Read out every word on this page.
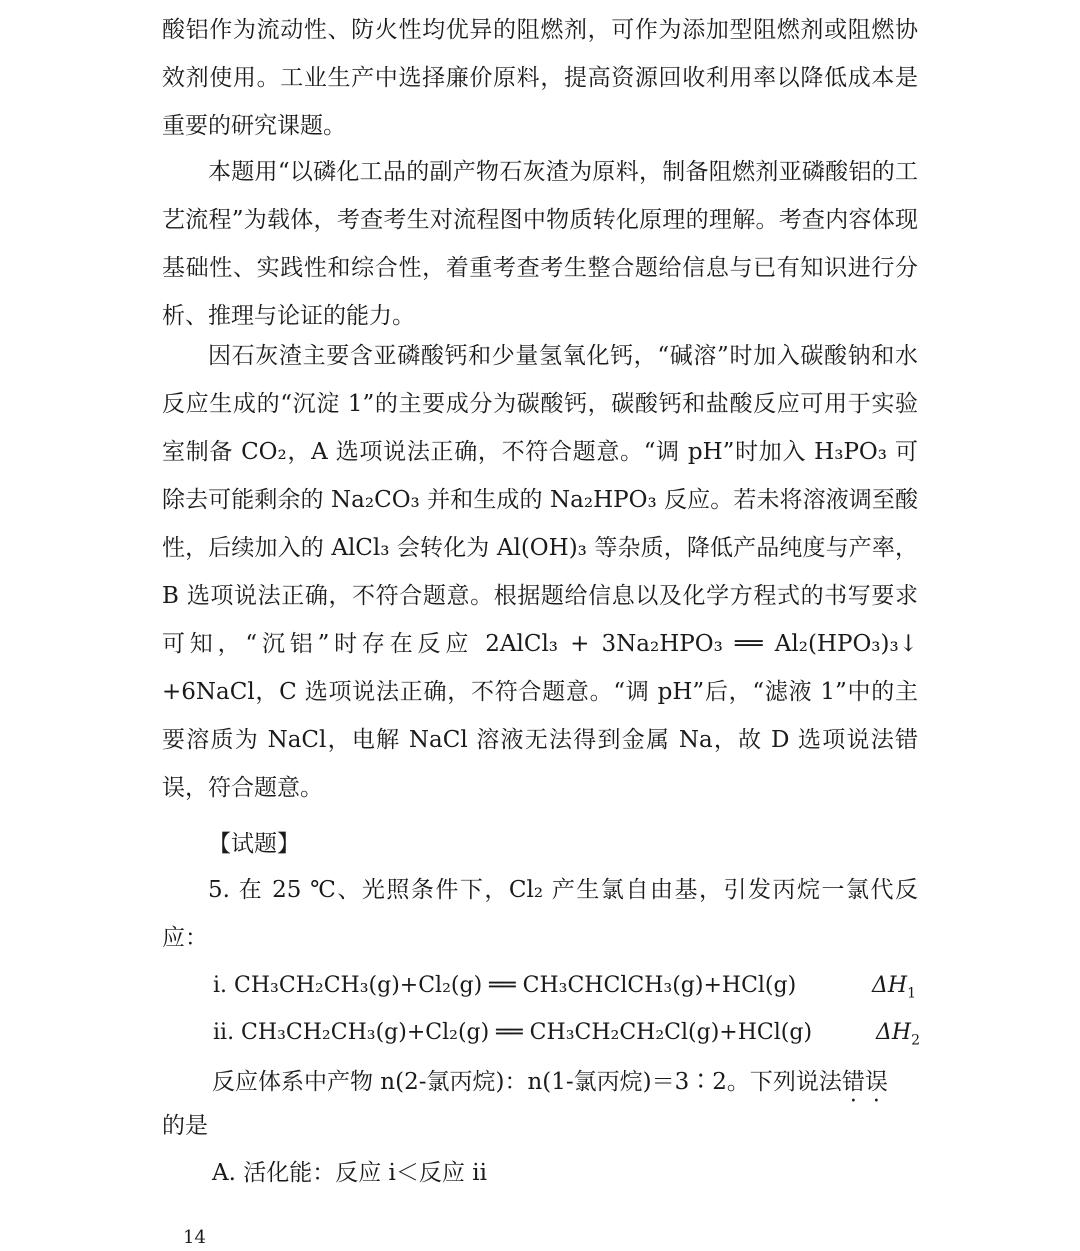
酸铝作为流动性、防火性均优异的阻燃剂，可作为添加型阻燃剂或阻燃协效剂使用。工业生产中选择廉价原料，提高资源回收利用率以降低成本是重要的研究课题。

本题用“以磷化工品的副产物石灰渣为原料，制备阻燃剂亚磷酸铝的工艺流程”为载体，考查考生对流程图中物质转化原理的理解。考查内容体现基础性、实践性和综合性，着重考查考生整合题给信息与已有知识进行分析、推理与论证的能力。

因石灰渣主要含亚磷酸钙和少量氢氧化钙，“碱溶”时加入碳酸钠和水反应生成的“沉淀 1”的主要成分为碳酸钙，碳酸钙和盐酸反应可用于实验室制备 CO₂，A 选项说法正确，不符合题意。“调 pH”时加入 H₃PO₃ 可除去可能剩余的 Na₂CO₃ 并和生成的 Na₂HPO₃ 反应。若未将溶液调至酸性，后续加入的 AlCl₃ 会转化为 Al(OH)₃ 等杂质，降低产品纯度与产率，B 选项说法正确，不符合题意。根据题给信息以及化学方程式的书写要求可知，“沉铝”时存在反应 2AlCl₃ + 3Na₂HPO₃ ══ Al₂(HPO₃)₃↓ +6NaCl，C 选项说法正确，不符合题意。“调 pH”后，“滤液 1”中的主要溶质为 NaCl，电解 NaCl 溶液无法得到金属 Na，故 D 选项说法错误，符合题意。

【试题】

5. 在 25 ℃、光照条件下，Cl₂ 产生氯自由基，引发丙烷一氯代反应：

i. CH₃CH₂CH₃(g)+Cl₂(g) ══ CH₃CHClCH₃(g)+HCl(g)	$\Delta H_1$
ii. CH₃CH₂CH₃(g)+Cl₂(g) ══ CH₃CH₂CH₂Cl(g)+HCl(g)	$\Delta H_2$

反应体系中产物 n(2-氯丙烷)：n(1-氯丙烷)＝3∶2。下列说法错误

的是

A. 活化能：反应 i＜反应 ii

14
